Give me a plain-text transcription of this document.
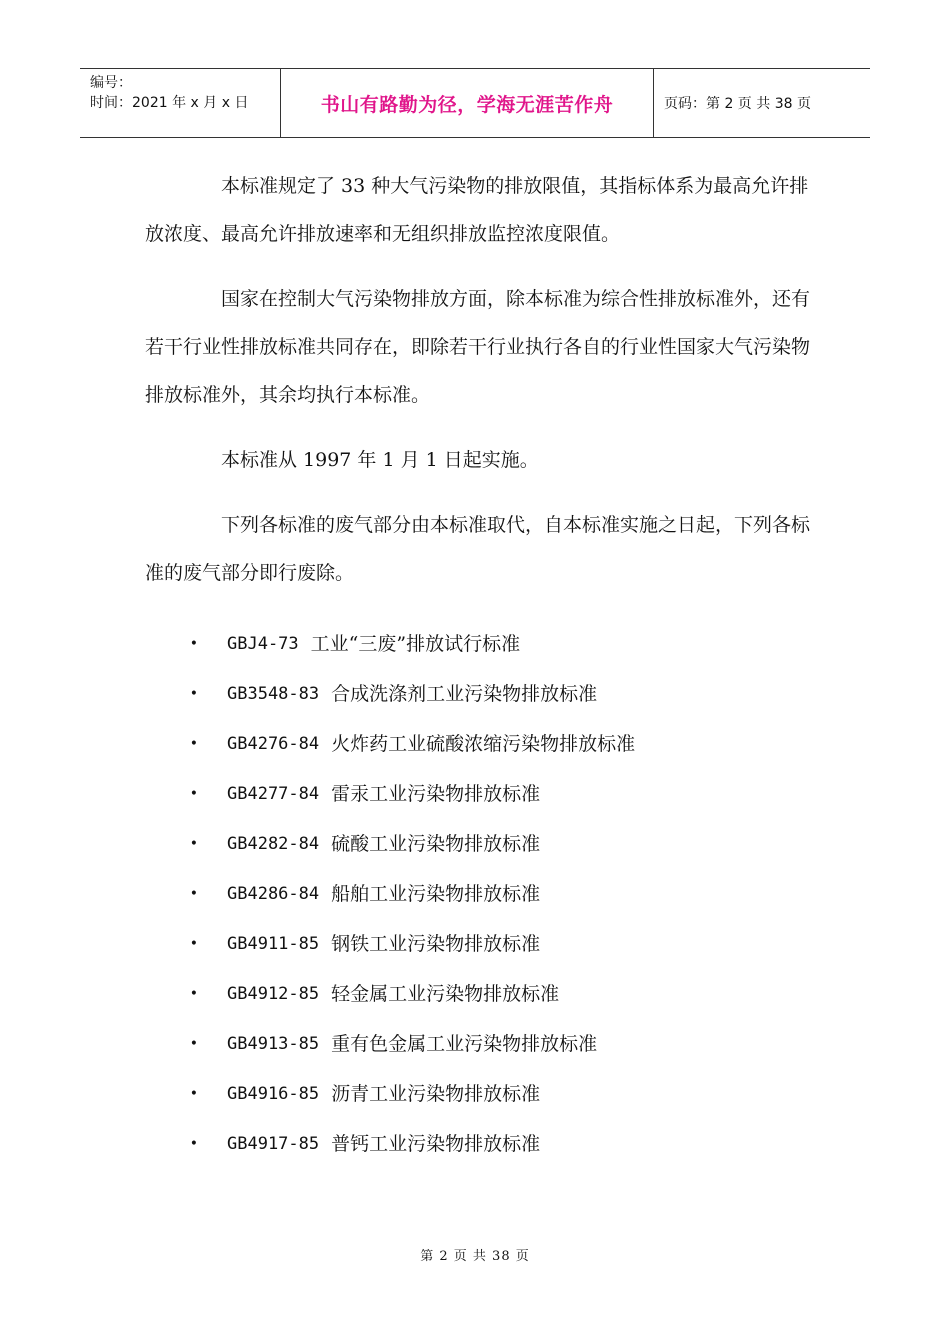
编号：
时间：2021 年 x 月 x 日	书山有路勤为径，学海无涯苦作舟	页码：第 2 页 共 38 页

本标准规定了 33 种大气污染物的排放限值，其指标体系为最高允许排放浓度、最高允许排放速率和无组织排放监控浓度限值。

国家在控制大气污染物排放方面，除本标准为综合性排放标准外，还有若干行业性排放标准共同存在，即除若干行业执行各自的行业性国家大气污染物排放标准外，其余均执行本标准。

本标准从 1997 年 1 月 1 日起实施。

下列各标准的废气部分由本标准取代，自本标准实施之日起，下列各标准的废气部分即行废除。

•	GBJ4-73 工业“三废”排放试行标准
•	GB3548-83 合成洗涤剂工业污染物排放标准
•	GB4276-84 火炸药工业硫酸浓缩污染物排放标准
•	GB4277-84 雷汞工业污染物排放标准
•	GB4282-84 硫酸工业污染物排放标准
•	GB4286-84 船舶工业污染物排放标准
•	GB4911-85 钢铁工业污染物排放标准
•	GB4912-85 轻金属工业污染物排放标准
•	GB4913-85 重有色金属工业污染物排放标准
•	GB4916-85 沥青工业污染物排放标准
•	GB4917-85 普钙工业污染物排放标准
第 2 页 共 38 页
